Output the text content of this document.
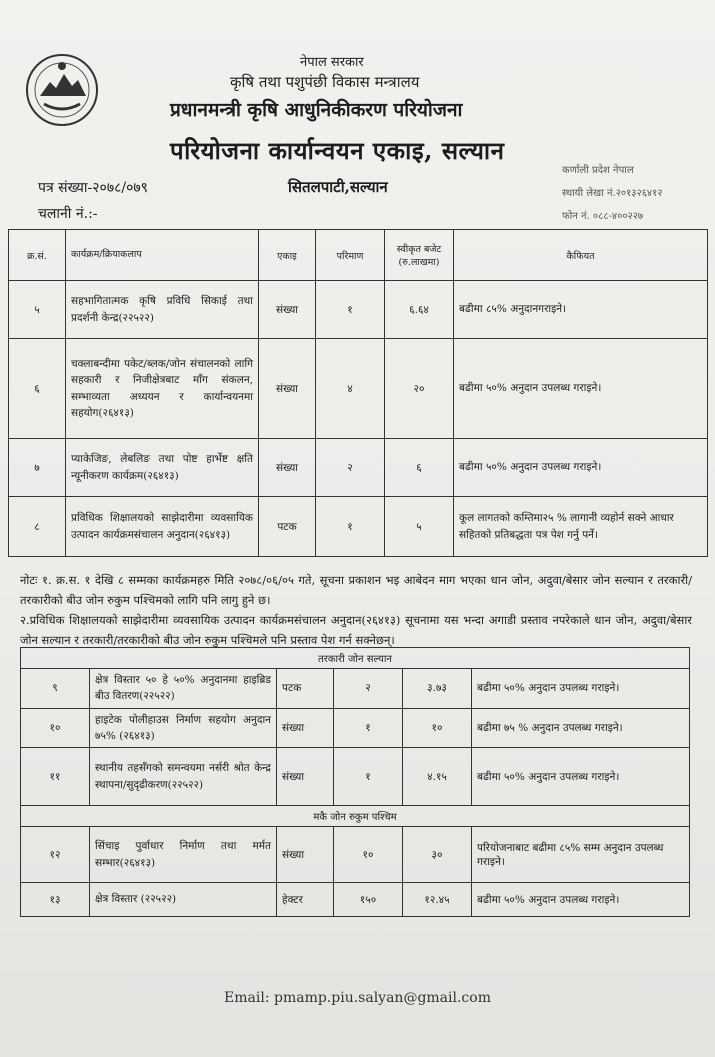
नेपाल सरकार
कृषि तथा पशुपंछी विकास मन्त्रालय
प्रधानमन्त्री कृषि आधुनिकीकरण परियोजना
परियोजना कार्यान्वयन एकाइ, सल्यान
पत्र संख्या-२०७८/०७९	सितलपाटी,सल्यान
चलानी नं.:-
कर्णाली प्रदेश नेपाल
स्थायी लेखा नं.२०१३२६४१२
फोन नं. ०८८-४००२२७
क्र.सं.	कार्यक्रम/क्रियाकलाप	एकाइ	परिमाण	स्वीकृत बजेट (रु.लाखमा)	कैफियत
५	सहभागितात्मक कृषि प्रविधि सिकाई तथा प्रदर्शनी केन्द्र(२२५२२)	संख्या	१	६.६४	बढीमा ८५% अनुदानगराइने।
६	चक्लाबन्दीमा पकेट/ब्लक/जोन संचालनको लागि सहकारी र निजीक्षेत्रबाट माँग संकलन, सम्भाव्यता अध्ययन र कार्यान्वयनमा सहयोग(२६४१३)	संख्या	४	२०	बढीमा ५०% अनुदान उपलब्ध गराइने।
७	प्याकेजिङ, लेबलिङ तथा पोष्ट हार्भेष्ट क्षति न्यूनीकरण कार्यक्रम(२६४१३)	संख्या	२	६	बढीमा ५०% अनुदान उपलब्ध गराइने।
८	प्रविधिक शिक्षालयको साझेदारीमा व्यवसायिक उत्पादन कार्यक्रमसंचालन अनुदान(२६४१३)	पटक	१	५	कूल लागतको कम्तिमा२५ % लागानी व्यहोर्न सक्ने आधार सहितको प्रतिबद्धता पत्र पेश गर्नु पर्ने।
नोटः १. क्र.स. १ देखि ८ सम्मका कार्यक्रमहरु मिति २०७८/०६/०५ गते, सूचना प्रकाशन भइ आबेदन माग भएका धान जोन, अदुवा/बेसार जोन सल्यान र तरकारी/तरकारीको बीउ जोन रुकुम पश्चिमको लागि पनि लागु हुने छ।
२.प्रविधिक शिक्षालयको साझेदारीमा व्यवसायिक उत्पादन कार्यक्रमसंचालन अनुदान(२६४१३) सूचनामा यस भन्दा अगाडी प्रस्ताव नपरेकाले धान जोन, अदुवा/बेसार जोन सल्यान र तरकारी/तरकारीको बीउ जोन रुकुम पश्चिमले पनि प्रस्ताव पेश गर्न सक्नेछन्।
तरकारी जोन सल्यान					
९	क्षेत्र विस्तार ५० हे ५०% अनुदानमा हाइब्रिड बीउ वितरण(२२५२२)	पटक	२	३.७३	बढीमा ५०% अनुदान उपलब्ध गराइने।
१०	हाइटेक पोलीहाउस निर्माण सहयोग अनुदान ७५% (२६४१३)	संख्या	१	१०	बढीमा ७५ % अनुदान उपलब्ध गराइने।
११	स्थानीय तहसँगको समन्वयमा नर्सरी श्रोत केन्द्र स्थापना/सुदृढीकरण(२२५२२)	संख्या	१	४.१५	बढीमा ५०% अनुदान उपलब्ध गराइने।
मकै जोन रुकुम पश्चिम					
१२	सिंचाइ पुर्वाधार निर्माण तथा मर्मत सम्भार(२६४१३)	संख्या	१०	३०	परियोजनाबाट बढीमा ८५% सम्म अनुदान उपलब्ध गराइने।
१३	क्षेत्र विस्तार (२२५२२)	हेक्टर	१५०	१२.४५	बढीमा ५०% अनुदान उपलब्ध गराइने।
Email: pmamp.piu.salyan@gmail.com
